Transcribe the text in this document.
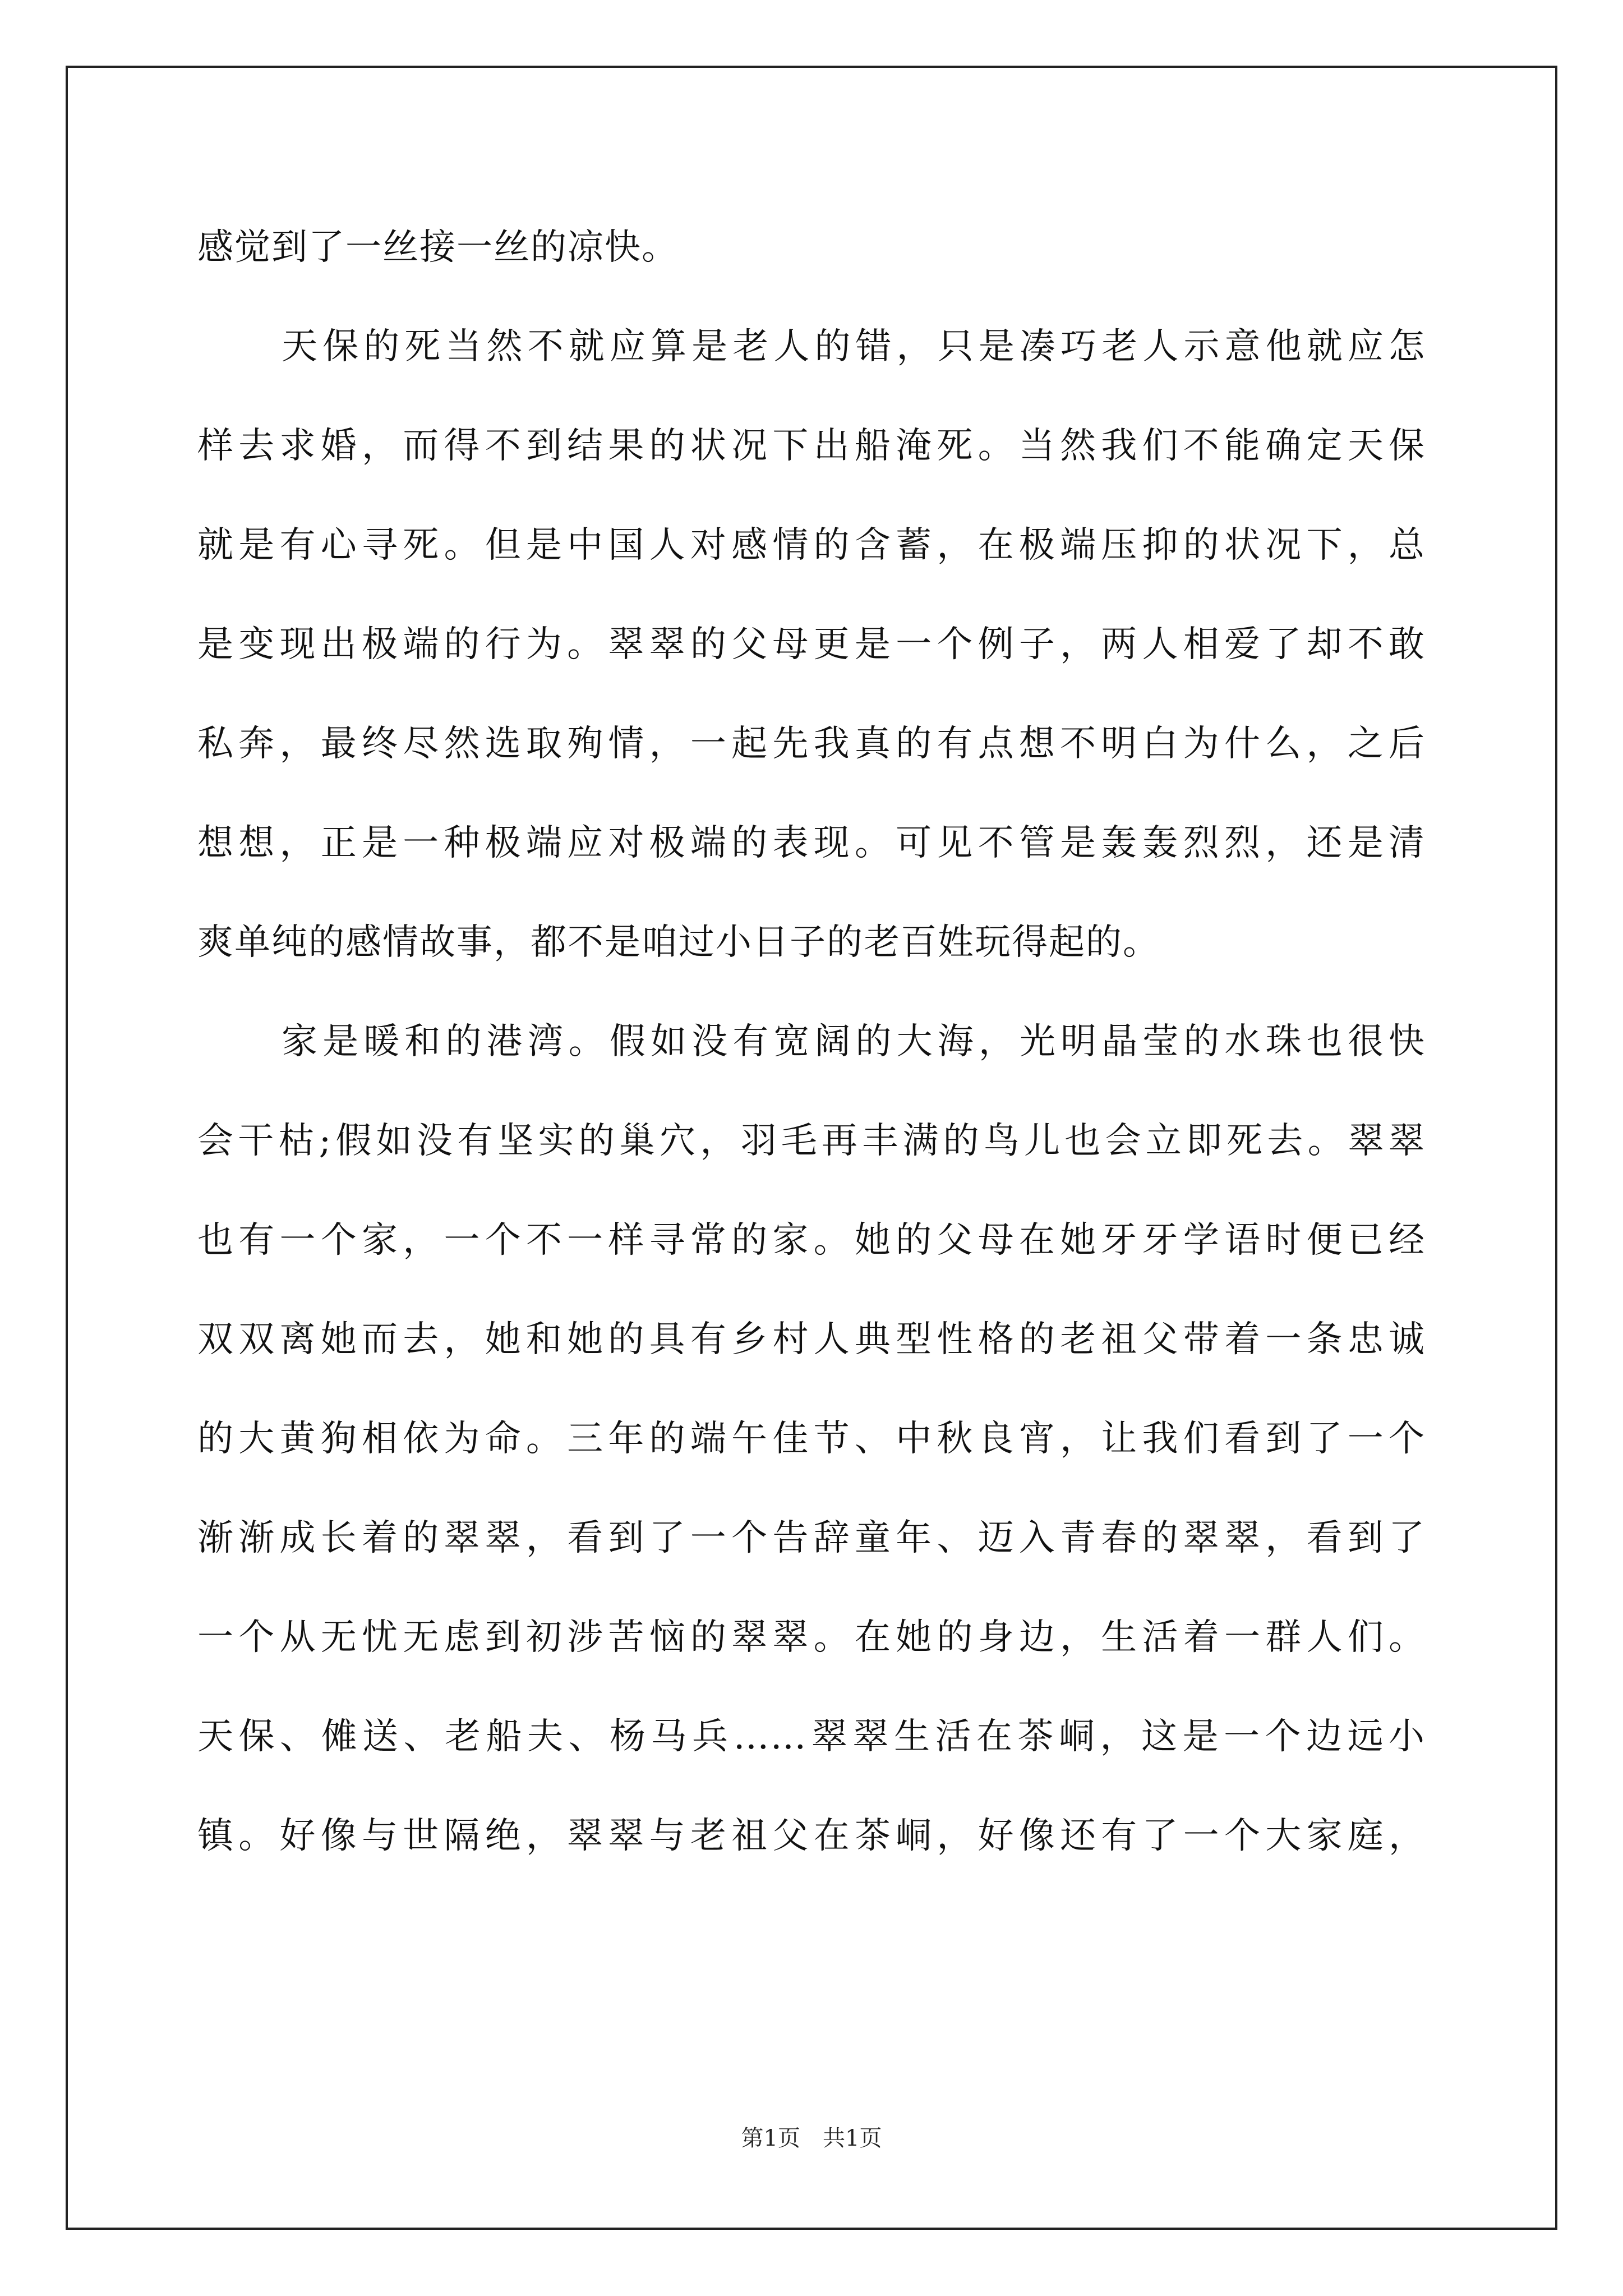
感觉到了一丝接一丝的凉快。
天保的死当然不就应算是老人的错，只是凑巧老人示意他就应怎
样去求婚，而得不到结果的状况下出船淹死。当然我们不能确定天保
就是有心寻死。但是中国人对感情的含蓄，在极端压抑的状况下，总
是变现出极端的行为。翠翠的父母更是一个例子，两人相爱了却不敢
私奔，最终尽然选取殉情，一起先我真的有点想不明白为什么，之后
想想，正是一种极端应对极端的表现。可见不管是轰轰烈烈，还是清
爽单纯的感情故事，都不是咱过小日子的老百姓玩得起的。
家是暖和的港湾。假如没有宽阔的大海，光明晶莹的水珠也很快
会干枯;假如没有坚实的巢穴，羽毛再丰满的鸟儿也会立即死去。翠翠
也有一个家，一个不一样寻常的家。她的父母在她牙牙学语时便已经
双双离她而去，她和她的具有乡村人典型性格的老祖父带着一条忠诚
的大黄狗相依为命。三年的端午佳节、中秋良宵，让我们看到了一个
渐渐成长着的翠翠，看到了一个告辞童年、迈入青春的翠翠，看到了
一个从无忧无虑到初涉苦恼的翠翠。在她的身边，生活着一群人们。
天保、傩送、老船夫、杨马兵……翠翠生活在茶峒，这是一个边远小
镇。好像与世隔绝，翠翠与老祖父在茶峒，好像还有了一个大家庭，
第1页 共1页
